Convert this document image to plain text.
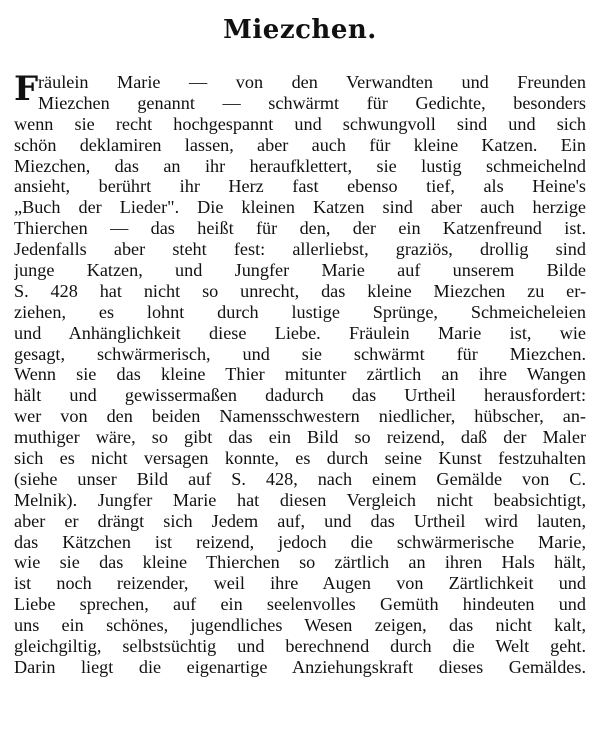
Miezchen.
F räulein Marie — von den Verwandten und Freunden
Miezchen genannt — schwärmt für Gedichte, besonders
wenn sie recht hochgespannt und schwungvoll sind und sich
schön deklamiren lassen, aber auch für kleine Katzen. Ein
Miezchen, das an ihr heraufklettert, sie lustig schmeichelnd
ansieht, berührt ihr Herz fast ebenso tief, als Heine's
„Buch der Lieder". Die kleinen Katzen sind aber auch herzige
Thierchen — das heißt für den, der ein Katzenfreund ist.
Jedenfalls aber steht fest: allerliebst, graziös, drollig sind
junge Katzen, und Jungfer Marie auf unserem Bilde
S. 428 hat nicht so unrecht, das kleine Miezchen zu er-
ziehen, es lohnt durch lustige Sprünge, Schmeicheleien
und Anhänglichkeit diese Liebe. Fräulein Marie ist, wie
gesagt, schwärmerisch, und sie schwärmt für Miezchen.
Wenn sie das kleine Thier mitunter zärtlich an ihre Wangen
hält und gewissermaßen dadurch das Urtheil herausfordert:
wer von den beiden Namensschwestern niedlicher, hübscher, an-
muthiger wäre, so gibt das ein Bild so reizend, daß der Maler
sich es nicht versagen konnte, es durch seine Kunst festzuhalten
(siehe unser Bild auf S. 428, nach einem Gemälde von C.
Melnik). Jungfer Marie hat diesen Vergleich nicht beabsichtigt,
aber er drängt sich Jedem auf, und das Urtheil wird lauten,
das Kätzchen ist reizend, jedoch die schwärmerische Marie,
wie sie das kleine Thierchen so zärtlich an ihren Hals hält,
ist noch reizender, weil ihre Augen von Zärtlichkeit und
Liebe sprechen, auf ein seelenvolles Gemüth hindeuten und
uns ein schönes, jugendliches Wesen zeigen, das nicht kalt,
gleichgiltig, selbstsüchtig und berechnend durch die Welt geht.
Darin liegt die eigenartige Anziehungskraft dieses Gemäldes.
